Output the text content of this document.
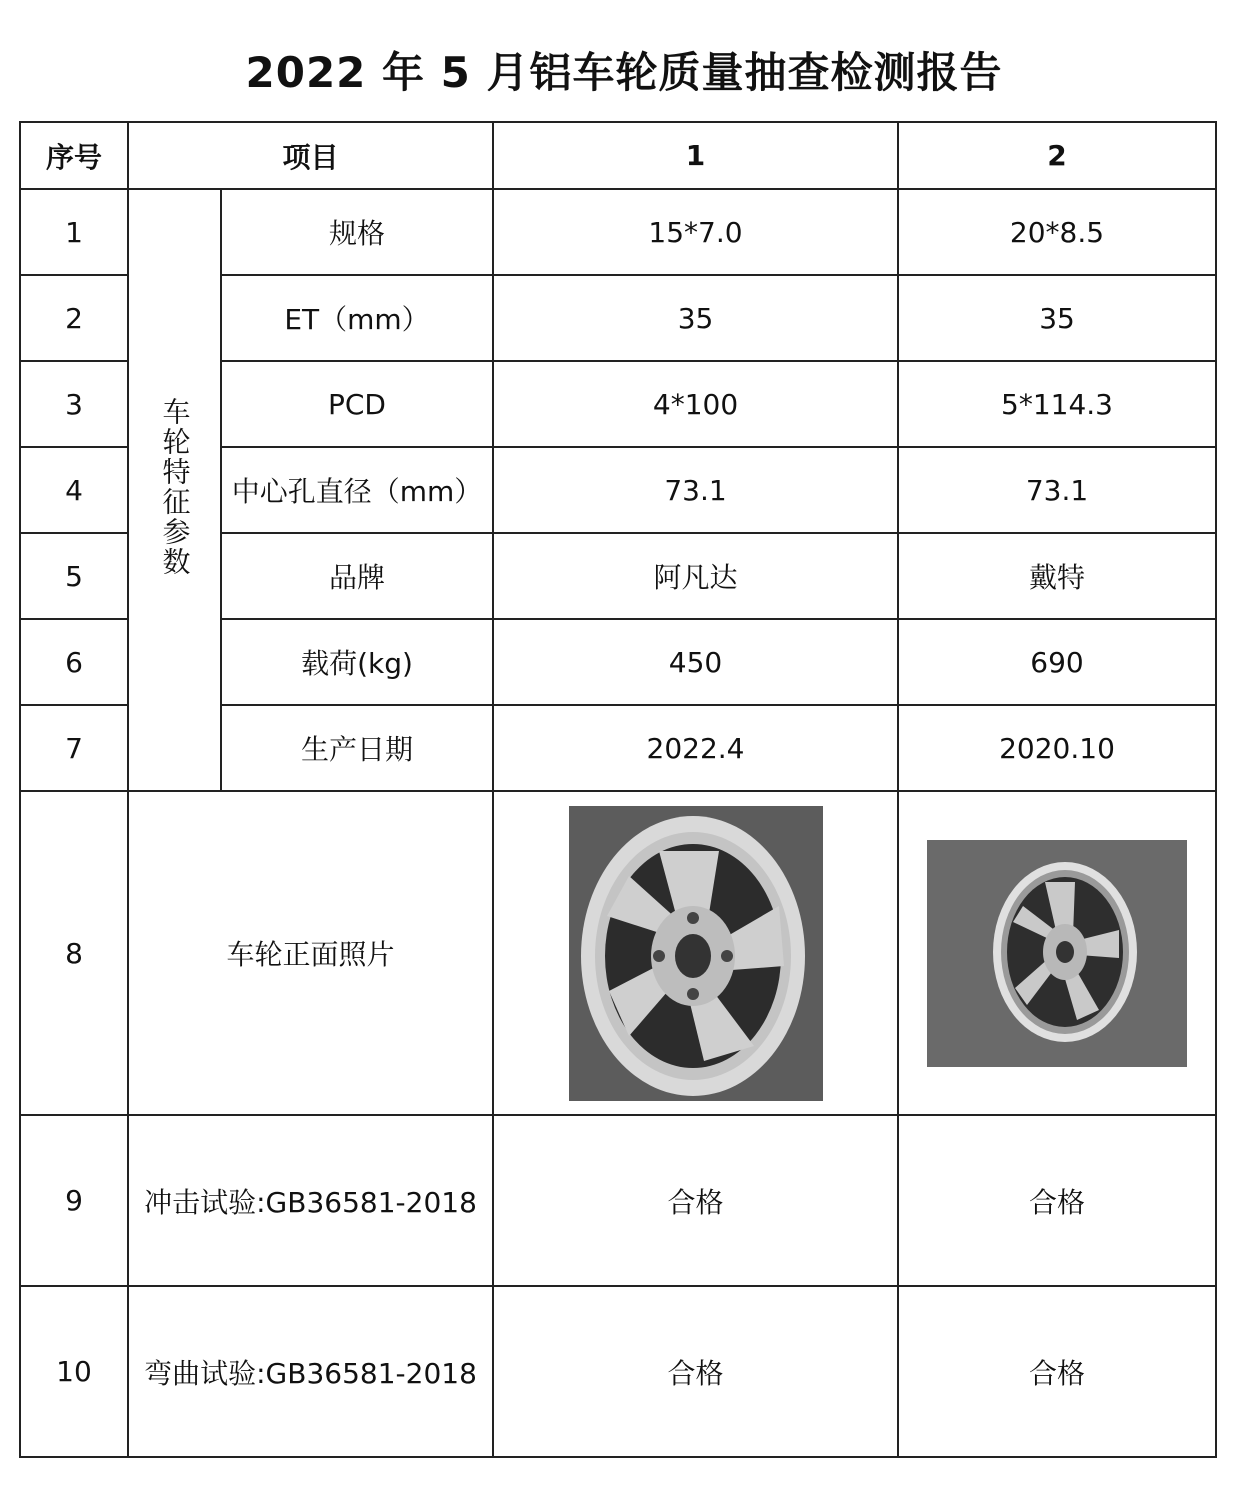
2022 年 5 月铝车轮质量抽查检测报告
序号	项目		1	2
1	车轮特征参数	规格	15*7.0	20*8.5
2		ET（mm）	35	35
3		PCD	4*100	5*114.3
4		中心孔直径（mm）	73.1	73.1
5		品牌	阿凡达	戴特
6		载荷(kg)	450	690
7		生产日期	2022.4	2020.10
8	车轮正面照片	

9	冲击试验:GB36581-2018		合格	合格
10	弯曲试验:GB36581-2018		合格	合格
